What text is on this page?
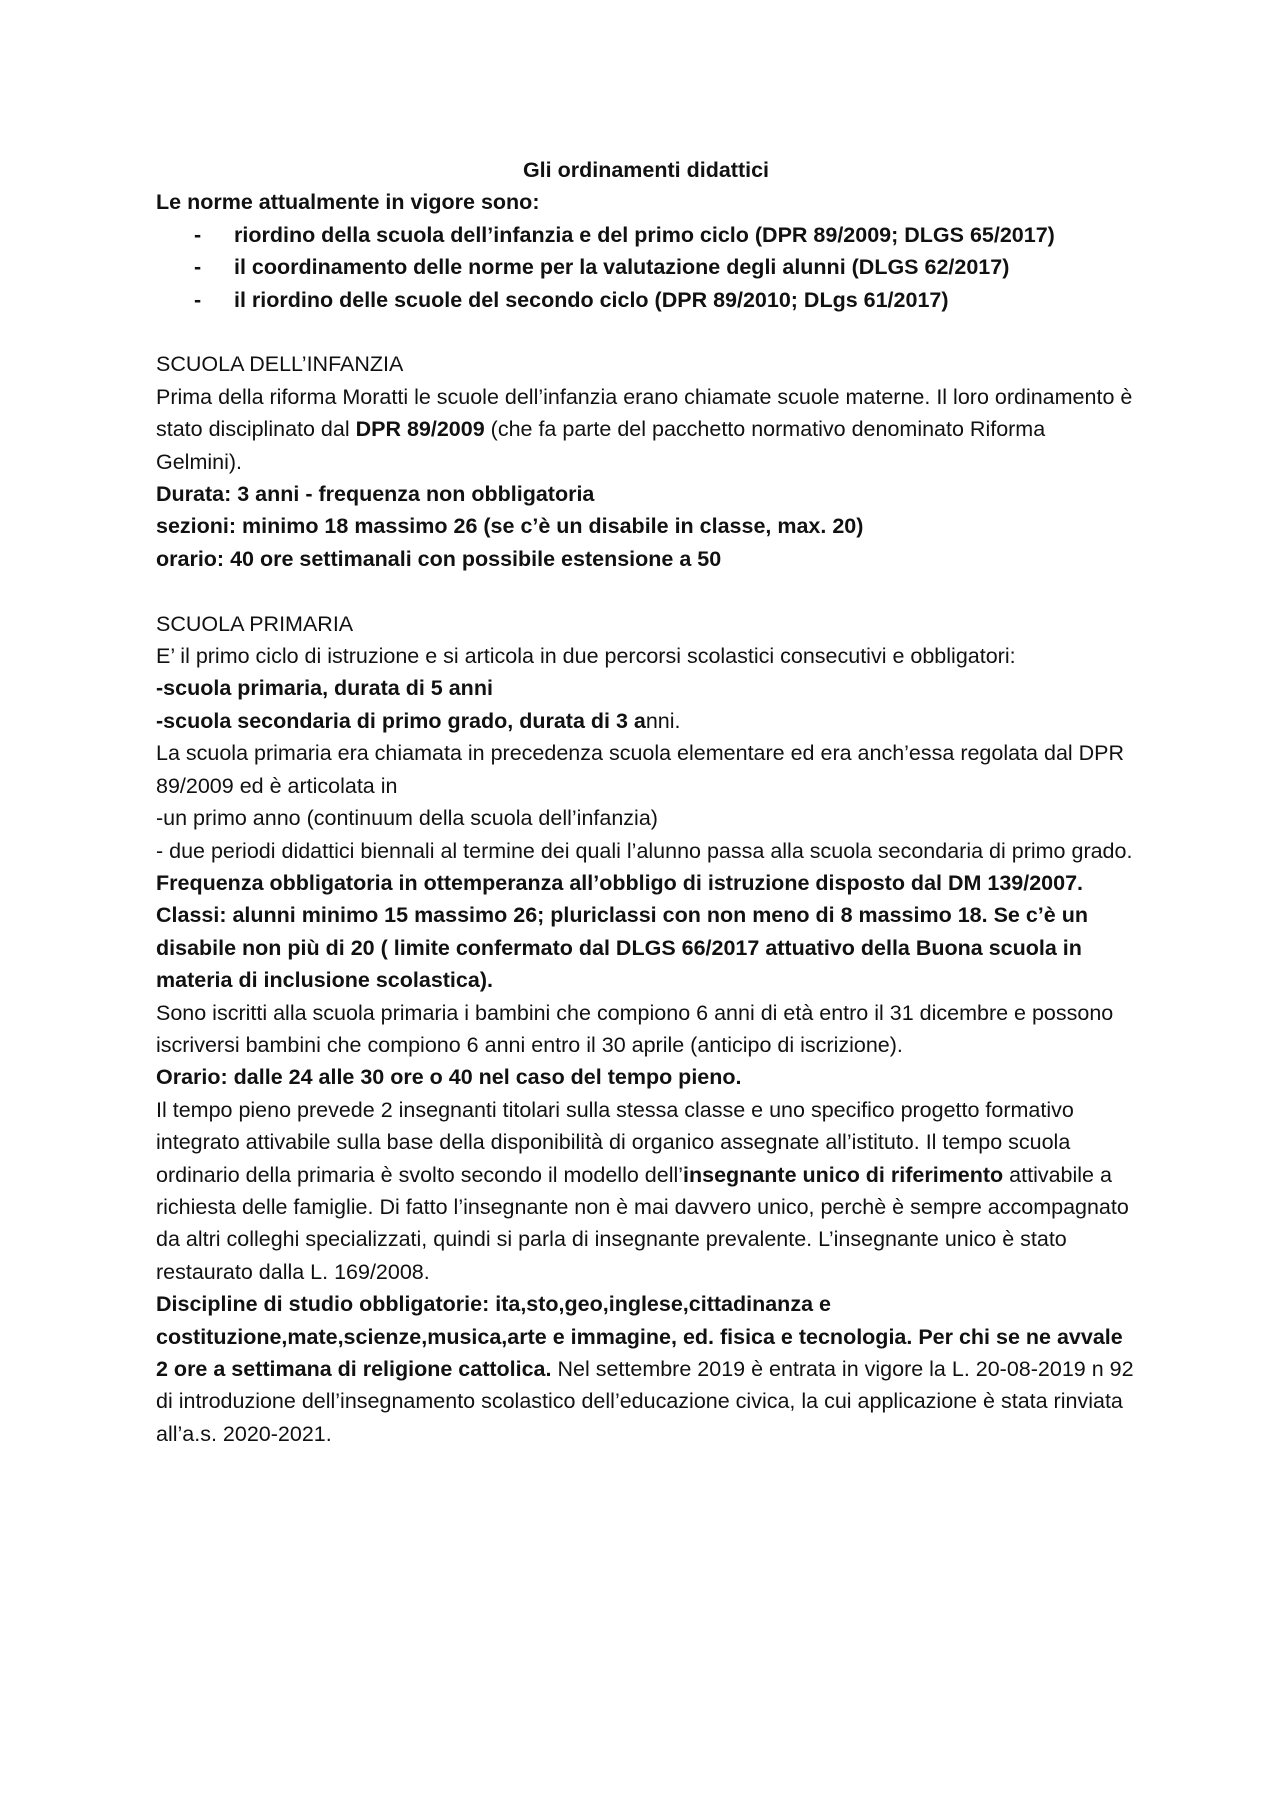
Gli ordinamenti didattici

Le norme attualmente in vigore sono:

- riordino della scuola dell’infanzia e del primo ciclo (DPR 89/2009; DLGS 65/2017)
- il coordinamento delle norme per la valutazione degli alunni (DLGS 62/2017)
- il riordino delle scuole del secondo ciclo (DPR 89/2010; DLgs 61/2017)

SCUOLA DELL’INFANZIA

Prima della riforma Moratti le scuole dell’infanzia erano chiamate scuole materne. Il loro ordinamento è stato disciplinato dal DPR 89/2009 (che fa parte del pacchetto normativo denominato Riforma Gelmini).

Durata: 3 anni - frequenza non obbligatoria

sezioni: minimo 18 massimo 26 (se c’è un disabile in classe, max. 20)

orario: 40 ore settimanali con possibile estensione a 50

SCUOLA PRIMARIA

E’ il primo ciclo di istruzione e si articola in due percorsi scolastici consecutivi e obbligatori:

-scuola primaria, durata di 5 anni

-scuola secondaria di primo grado, durata di 3 anni.

La scuola primaria era chiamata in precedenza scuola elementare ed era anch’essa regolata dal DPR 89/2009 ed è articolata in

-un primo anno (continuum della scuola dell’infanzia)

- due periodi didattici biennali al termine dei quali l’alunno passa alla scuola secondaria di primo grado.

Frequenza obbligatoria in ottemperanza all’obbligo di istruzione disposto dal DM 139/2007.

Classi: alunni minimo 15 massimo 26; pluriclassi con non meno di 8 massimo 18. Se c’è un disabile non più di 20 ( limite confermato dal DLGS 66/2017 attuativo della Buona scuola in materia di inclusione scolastica).

Sono iscritti alla scuola primaria i bambini che compiono 6 anni di età entro il 31 dicembre e possono iscriversi bambini che compiono 6 anni entro il 30 aprile (anticipo di iscrizione).

Orario: dalle 24 alle 30 ore o 40 nel caso del tempo pieno.

Il tempo pieno prevede 2 insegnanti titolari sulla stessa classe e uno specifico progetto formativo integrato attivabile sulla base della disponibilità di organico assegnate all’istituto. Il tempo scuola ordinario della primaria è svolto secondo il modello dell’insegnante unico di riferimento attivabile a richiesta delle famiglie. Di fatto l’insegnante non è mai davvero unico, perchè è sempre accompagnato da altri colleghi specializzati, quindi si parla di insegnante prevalente. L’insegnante unico è stato restaurato dalla L. 169/2008.

Discipline di studio obbligatorie: ita,sto,geo,inglese,cittadinanza e costituzione,mate,scienze,musica,arte e immagine, ed. fisica e tecnologia. Per chi se ne avvale 2 ore a settimana di religione cattolica. Nel settembre 2019 è entrata in vigore la L. 20-08-2019 n 92 di introduzione dell’insegnamento scolastico dell’educazione civica, la cui applicazione è stata rinviata all’a.s. 2020-2021.
